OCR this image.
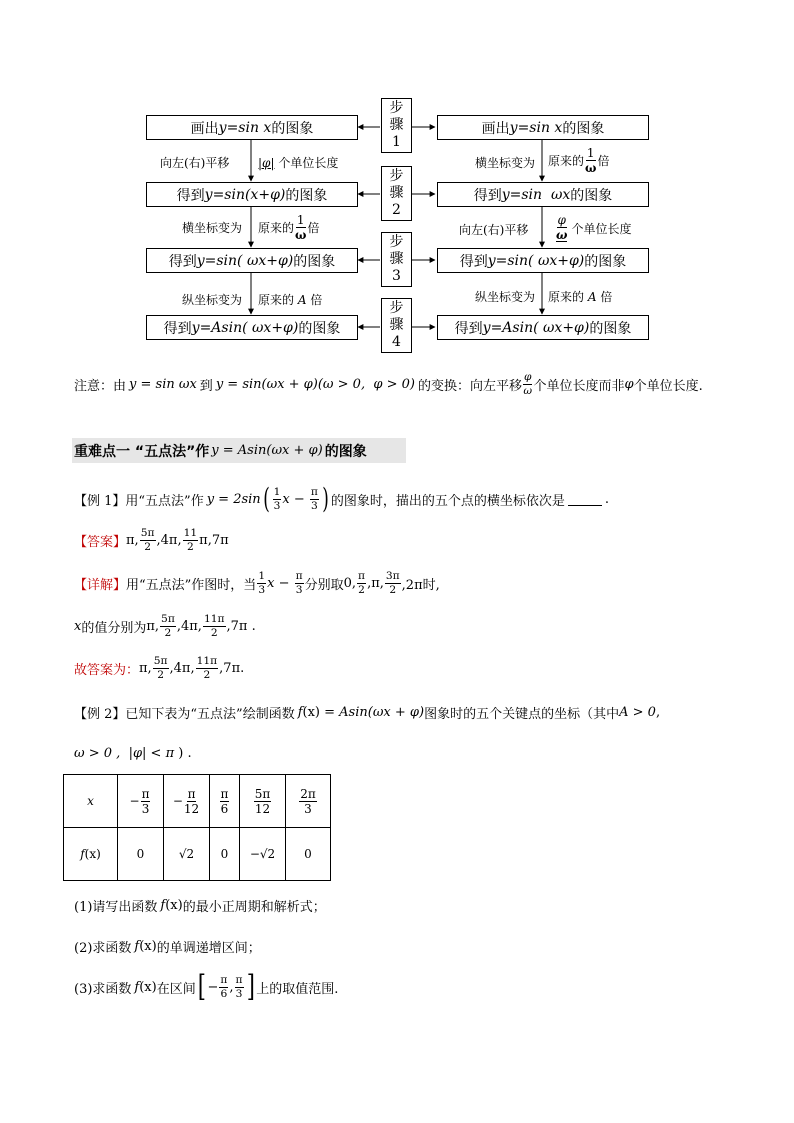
画出 y=sin x 的图象
得到 y=sin(x+φ) 的图象
得到 y=sin( ωx+φ) 的图象
得到 y=Asin( ωx+φ) 的图象
画出 y=sin x 的图象
得到 y=sin  ωx 的图象
得到 y=sin( ωx+φ) 的图象
得到 y=Asin( ωx+φ) 的图象
步
骤
1
步
骤
2
步
骤
3
步
骤
4
向左(右)平移 |φ| 个单位长度
横坐标变为 原来的 $\frac{1}{\omega}$ 倍
纵坐标变为 原来的 A 倍
横坐标变为 原来的 $\frac{1}{\omega}$ 倍
向左(右)平移 $\frac{\varphi}{\omega}$ 个单位长度
纵坐标变为 原来的 A 倍
注意：由 y = sin ωx 到 y = sin(ωx + φ)(ω > 0,  φ > 0) 的变换：向左平移 $\frac{\varphi}{\omega}$ 个单位长度而非 φ 个单位长度.
重难点一 “五点法”作 y = Asin(ωx + φ) 的图象
【例 1】用“五点法”作 y = 2sin ( $\frac{1}{3}$ $x - \frac{\pi}{3}$ ) 的图象时，描出的五个点的横坐标依次是	.
【答案】 π, $\frac{5\pi}{2} ,4\pi$, $\frac{11}{2} \pi,7\pi$
【详解】 用“五点法”作图时，当 $\frac{1}{3}$ $x - \frac{\pi}{3}$ 分别取 0, $\frac{\pi}{2} ,\pi$, $\frac{3\pi}{2} ,2\pi$时,
x 的值分别为 π, $\frac{5\pi}{2} ,4\pi$, $\frac{11\pi}{2} ,7\pi$ .
故答案为： π, $\frac{5\pi}{2} ,4\pi$, $\frac{11\pi}{2} ,7\pi$.
【例 2】 已知下表为“五点法”绘制函数 f (x) = Asin (ωx + φ) 图象时的五个关键点的坐标（其中 A > 0 ,
ω > 0 , |φ| < π ) .
x	− $\frac{\pi}{3}$	− $\frac{\pi}{12}$	$\frac{\pi}{6}$	$\frac{5\pi}{12}$	$\frac{2\pi}{3}$

f(x)	0	√2	0	−√2	0
(1)请写出函数 f (x) 的最小正周期和解析式；
(2)求函数 f (x) 的单调递增区间；
(3)求函数 f (x) 在区间 [ − $\frac{\pi}{6}$ , $\frac{\pi}{3}$ ] 上的取值范围.
